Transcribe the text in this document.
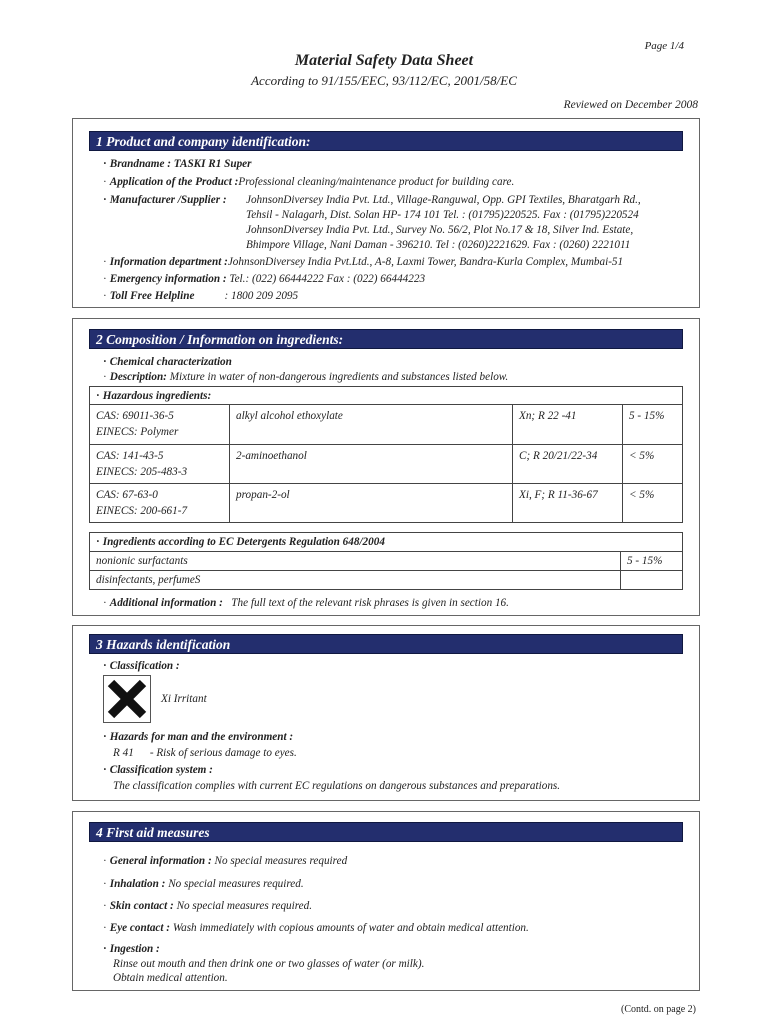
Page 1/4
Material Safety Data Sheet
According to 91/155/EEC, 93/112/EC, 2001/58/EC
Reviewed on December 2008
1 Product and company identification:
· Brandname : TASKI R1 Super
· Application of the Product :Professional cleaning/maintenance product for building care.
· Manufacturer /Supplier : JohnsonDiversey India Pvt. Ltd., Village-Ranguwal, Opp. GPI Textiles, Bharatgarh Rd.,
Tehsil - Nalagarh, Dist. Solan HP- 174 101 Tel. : (01795)220525. Fax : (01795)220524
JohnsonDiversey India Pvt. Ltd., Survey No. 56/2, Plot No.17 & 18, Silver Ind. Estate,
Bhimpore Village, Nani Daman - 396210. Tel : (0260)2221629. Fax : (0260) 2221011
· Information department :JohnsonDiversey India Pvt.Ltd., A-8, Laxmi Tower, Bandra-Kurla Complex, Mumbai-51
· Emergency information : Tel.: (022) 66444222 Fax : (022) 66444223
· Toll Free Helpline	: 1800 209 2095
2 Composition / Information on ingredients:
· Chemical characterization
· Description: Mixture in water of non-dangerous ingredients and substances listed below.
· Hazardous ingredients:
CAS: 69011-36-5
EINECS: Polymer
alkyl alcohol ethoxylate	Xn; R 22 -41	5 - 15%
CAS: 141-43-5
EINECS: 205-483-3
2-aminoethanol	C; R 20/21/22-34	< 5%
CAS: 67-63-0
EINECS: 200-661-7
propan-2-ol	Xi, F; R 11-36-67	< 5%
· Ingredients according to EC Detergents Regulation 648/2004
nonionic surfactants	5 - 15%
disinfectants, perfumeS
· Additional information : The full text of the relevant risk phrases is given in section 16.
3 Hazards identification
· Classification :
Xi Irritant
· Hazards for man and the environment :
R 41 - Risk of serious damage to eyes.
· Classification system :
The classification complies with current EC regulations on dangerous substances and preparations.
4 First aid measures
· General information : No special measures required
· Inhalation : No special measures required.
· Skin contact : No special measures required.
· Eye contact : Wash immediately with copious amounts of water and obtain medical attention.
· Ingestion :
Rinse out mouth and then drink one or two glasses of water (or milk).
Obtain medical attention.
(Contd. on page 2)
